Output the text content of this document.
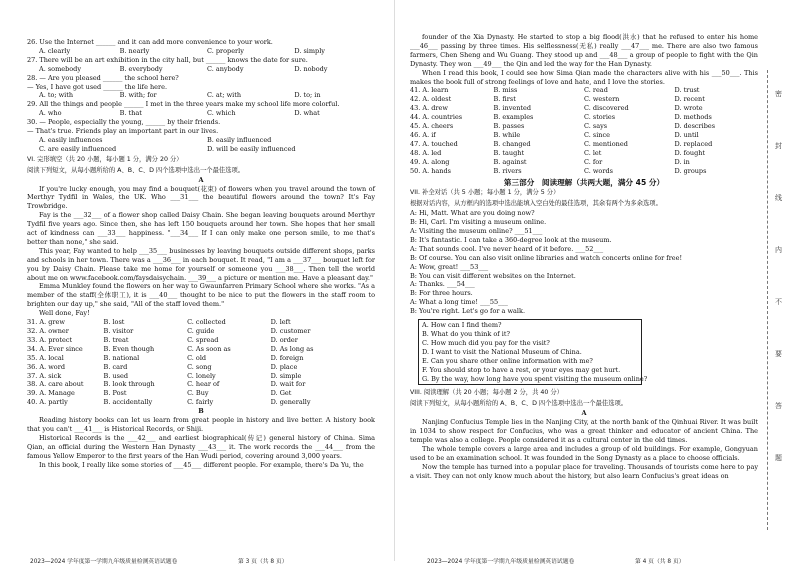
26. Use the Internet ______ and it can add more convenience to your work.
A. clearly	B. nearly	C. properly	D. simply
27. There will be an art exhibition in the city hall, but ______ knows the date for sure.
A. somebody	B. everybody	C. anybody	D. nobody
28. — Are you pleased ______ the school here?
— Yes, I have got used ______ the life here.
A. to; with	B. with; for	C. at; with	D. to; in
29. All the things and people ______ I met in the three years make my school life more colorful.
A. who	B. that	C. which	D. what
30. — People, especially the young, ______ by their friends.
— That's true. Friends play an important part in our lives.
A. easily influences	B. easily influenced
C. are easily influenced	D. will be easily influenced
VI. 完形填空（共 20 小题，每小题 1 分，满分 20 分）
阅读下列短文，从每小题所给的 A、B、C、D 四个选项中选出一个最佳选项。
A
If you're lucky enough, you may find a bouquet(花束) of flowers when you travel around the town of Merthyr Tydfil in Wales, the UK. Who ___31___ the beautiful flowers around the town? It's Fay Trowbridge.
Fay is the ___32___ of a flower shop called Daisy Chain. She began leaving bouquets around Merthyr Tydfil five years ago. Since then, she has left 150 bouquets around her town. She hopes that her small act of kindness can ___33___ happiness. "___34___ If I can only make one person smile, to me that's better than none," she said.
This year, Fay wanted to help ___35___ businesses by leaving bouquets outside different shops, parks and schools in her town. There was a ___36___ in each bouquet. It read, "I am a ___37___ bouquet left for you by Daisy Chain. Please take me home for yourself or someone you ___38___. Then tell the world about me on www.facebook.com/faysdaisychain. ___39___ a picture or mention me. Have a pleasant day."
Emma Munkley found the flowers on her way to Gwaunfarren Primary School where she works. "As a member of the staff(全体职工), it is ___40___ thought to be nice to put the flowers in the staff room to brighten our day up," she said, "All of the staff loved them."
Well done, Fay!
31. A. grew	B. lost	C. collected	D. left
32. A. owner	B. visitor	C. guide	D. customer
33. A. protect	B. treat	C. spread	D. order
34. A. Ever since	B. Even though	C. As soon as	D. As long as
35. A. local	B. national	C. old	D. foreign
36. A. word	B. card	C. song	D. place
37. A. sick	B. used	C. lonely	D. simple
38. A. care about	B. look through	C. hear of	D. wait for
39. A. Manage	B. Post	C. Buy	D. Get
40. A. partly	B. accidentally	C. fairly	D. generally
B
Reading history books can let us learn from great people in history and live better. A history book that you can't ___41___ is Historical Records, or Shiji.
Historical Records is the ___42___ and earliest biographical(传记) general history of China. Sima Qian, an official during the Western Han Dynasty ___43___ it. The work records the ___44___ from the famous Yellow Emperor to the first years of the Han Wudi period, covering around 3,000 years.
In this book, I really like some stories of ___45___ different people. For example, there's Da Yu, the
2023—2024 学年度第一学期九年级质量检测英语试题卷	第 3 页（共 8 页）
founder of the Xia Dynasty. He started to stop a big flood(洪水) that he refused to enter his home ___46___ passing by three times. His selflessness(无私) really ___47___ me. There are also two famous farmers, Chen Sheng and Wu Guang. They stood up and ___48___ a group of people to fight with the Qin Dynasty. They won ___49___ the Qin and led the way for the Han Dynasty.
When I read this book, I could see how Sima Qian made the characters alive with his ___50___. This makes the book full of strong feelings of love and hate, and I love the stories.
41. A. learn	B. miss	C. read	D. trust
42. A. oldest	B. first	C. western	D. recent
43. A. drew	B. invented	C. discovered	D. wrote
44. A. countries	B. examples	C. stories	D. methods
45. A. cheers	B. passes	C. says	D. describes
46. A. if	B. while	C. since	D. until
47. A. touched	B. changed	C. mentioned	D. replaced
48. A. led	B. taught	C. let	D. fought
49. A. along	B. against	C. for	D. in
50. A. hands	B. rivers	C. words	D. groups
第三部分　阅读理解（共两大题，满分 45 分）
VII. 补全对话（共 5 小题；每小题 1 分，满分 5 分）
根据对话内容，从方框内的选项中选出能填入空白处的最佳选项，其余有两个为多余选项。
A: Hi, Matt. What are you doing now?
B: Hi, Carl. I'm visiting a museum online.
A: Visiting the museum online? ___51___
B: It's fantastic. I can take a 360-degree look at the museum.
A: That sounds cool. I've never heard of it before. ___52___
B: Of course. You can also visit online libraries and watch concerts online for free!
A: Wow, great! ___53___
B: You can visit different websites on the Internet.
A: Thanks. ___54___
B: For three hours.
A: What a long time! ___55___
B: You're right. Let's go for a walk.
A. How can I find them?
B. What do you think of it?
C. How much did you pay for the visit?
D. I want to visit the National Museum of China.
E. Can you share other online information with me?
F. You should stop to have a rest, or your eyes may get hurt.
G. By the way, how long have you spent visiting the museum online?
VIII. 阅读理解（共 20 小题；每小题 2 分，共 40 分）
阅读下列短文，从每小题所给的 A、B、C、D 四个选项中选出一个最佳选项。
A
Nanjing Confucius Temple lies in the Nanjing City, at the north bank of the Qinhuai River. It was built in 1034 to show respect for Confucius, who was a great thinker and educator of ancient China. The temple was also a college. People considered it as a cultural center in the old times.
The whole temple covers a large area and includes a group of old buildings. For example, Gongyuan used to be an examination school. It was founded in the Song Dynasty as a place to choose officials.
Now the temple has turned into a popular place for traveling. Thousands of tourists come here to pay a visit. They can not only know much about the history, but also learn Confucius's great ideas on
密
封
线
内
不
要
答
题
2023—2024 学年度第一学期九年级质量检测英语试题卷	第 4 页（共 8 页）
